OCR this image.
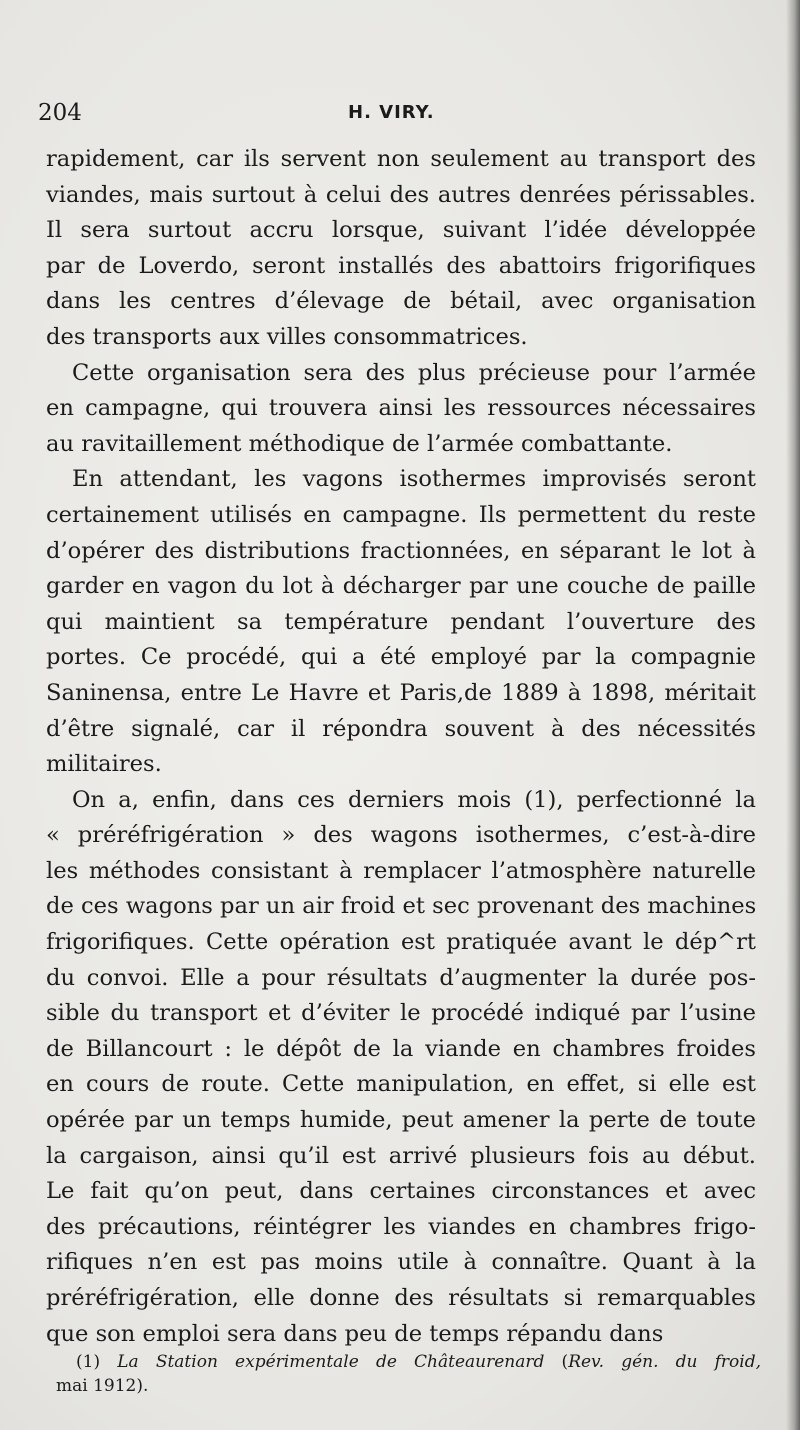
204	H. VIRY.

rapidement, car ils servent non seulement au transport des
viandes, mais surtout à celui des autres denrées périssables.
Il sera surtout accru lorsque, suivant l’idée développée
par de Loverdo, seront installés des abattoirs frigorifiques
dans les centres d’élevage de bétail, avec organisation
des transports aux villes consommatrices.

Cette organisation sera des plus précieuse pour l’armée
en campagne, qui trouvera ainsi les ressources nécessaires
au ravitaillement méthodique de l’armée combattante.

En attendant, les vagons isothermes improvisés seront
certainement utilisés en campagne. Ils permettent du reste
d’opérer des distributions fractionnées, en séparant le lot à
garder en vagon du lot à décharger par une couche de paille
qui maintient sa température pendant l’ouverture des
portes. Ce procédé, qui a été employé par la compagnie
Saninensa, entre Le Havre et Paris,de 1889 à 1898, méritait
d’être signalé, car il répondra souvent à des nécessités
militaires.

On a, enfin, dans ces derniers mois (1), perfectionné la
« préréfrigération » des wagons isothermes, c’est-à-dire
les méthodes consistant à remplacer l’atmosphère naturelle
de ces wagons par un air froid et sec provenant des machines
frigorifiques. Cette opération est pratiquée avant le dép^rt
du convoi. Elle a pour résultats d’augmenter la durée pos-
sible du transport et d’éviter le procédé indiqué par l’usine
de Billancourt : le dépôt de la viande en chambres froides
en cours de route. Cette manipulation, en effet, si elle est
opérée par un temps humide, peut amener la perte de toute
la cargaison, ainsi qu’il est arrivé plusieurs fois au début.
Le fait qu’on peut, dans certaines circonstances et avec
des précautions, réintégrer les viandes en chambres frigo-
rifiques n’en est pas moins utile à connaître. Quant à la
préréfrigération, elle donne des résultats si remarquables
que son emploi sera dans peu de temps répandu dans

(1) La Station expérimentale de Châteaurenard (Rev. gén. du froid,
mai 1912).
